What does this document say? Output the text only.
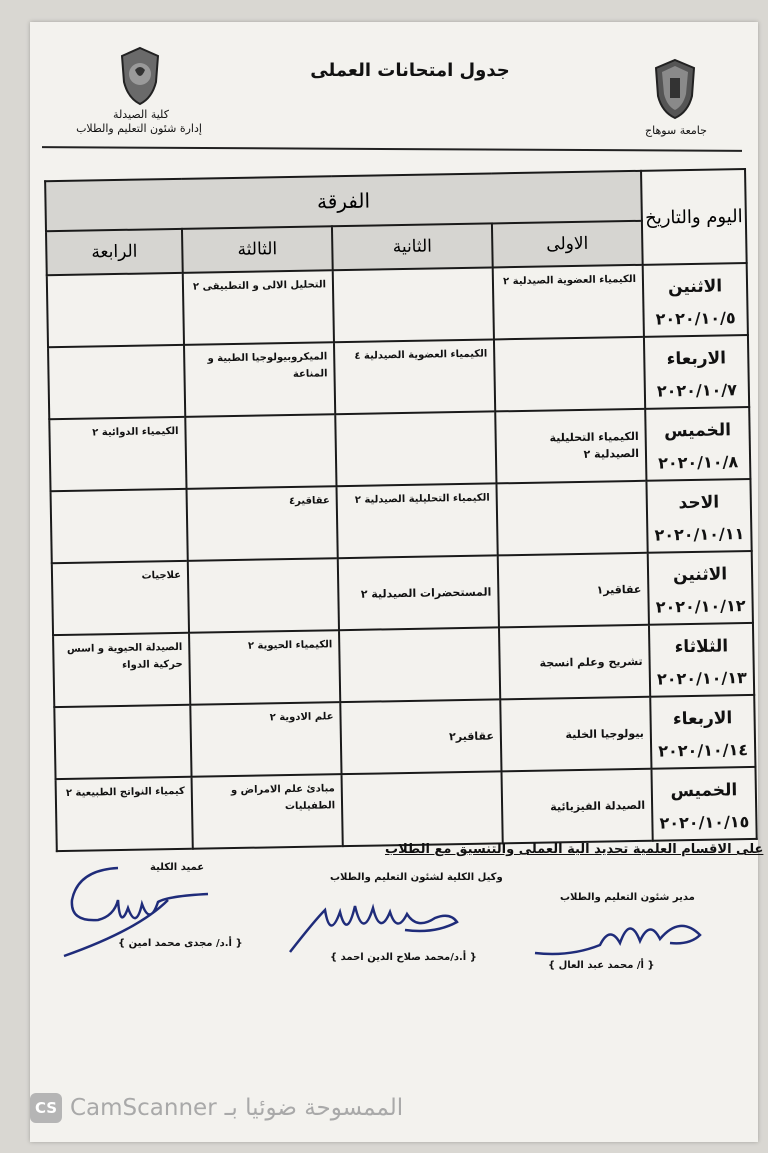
جامعة سوهاج
كلية الصيدلة
إدارة شئون التعليم والطلاب
جدول امتحانات العملى
اليوم والتاريخ	الفرقة			
	الاولى	الثانية	الثالثة	الرابعة

الاثنين
٢٠٢٠/١٠/٥	الكيمياء العضوية الصيدلية ٢		التحليل الالى و التطبيقى ٢	

الاربعاء
٢٠٢٠/١٠/٧		الكيمياء العضوية الصيدلية ٤	الميكروبيولوجيا الطبية و المناعة	

الخميس
٢٠٢٠/١٠/٨	الكيمياء التحليلية الصيدلية ٢			الكيمياء الدوائية ٢

الاحد
٢٠٢٠/١٠/١١		الكيمياء التحليلية الصيدلية ٢	عقاقير٤	

الاثنين
٢٠٢٠/١٠/١٢	عقاقير١	المستحضرات الصيدلية ٢		علاجيات

الثلاثاء
٢٠٢٠/١٠/١٣	تشريح وعلم انسجة		الكيمياء الحيوية ٢	الصيدلة الحيوية و اسس حركية الدواء

الاربعاء
٢٠٢٠/١٠/١٤	بيولوجيا الخلية	عقاقير٢	علم الادوية ٢	

الخميس
٢٠٢٠/١٠/١٥	الصيدلة الفيزيائية		مبادئ علم الامراض و الطفيليات	كيمياء النواتج الطبيعية ٢
على الاقسام العلمية تحديد الية العملى والتنسيق مع الطلاب
مدير شئون التعليم والطلاب
{ أ/ محمد عبد العال }
وكيل الكلية لشئون التعليم والطلاب
{ أ.د/محمد صلاح الدين احمد }
عميد الكلية
{ أ.د/ مجدى محمد امين }
CS CamScanner الممسوحة ضوئيا بـ
